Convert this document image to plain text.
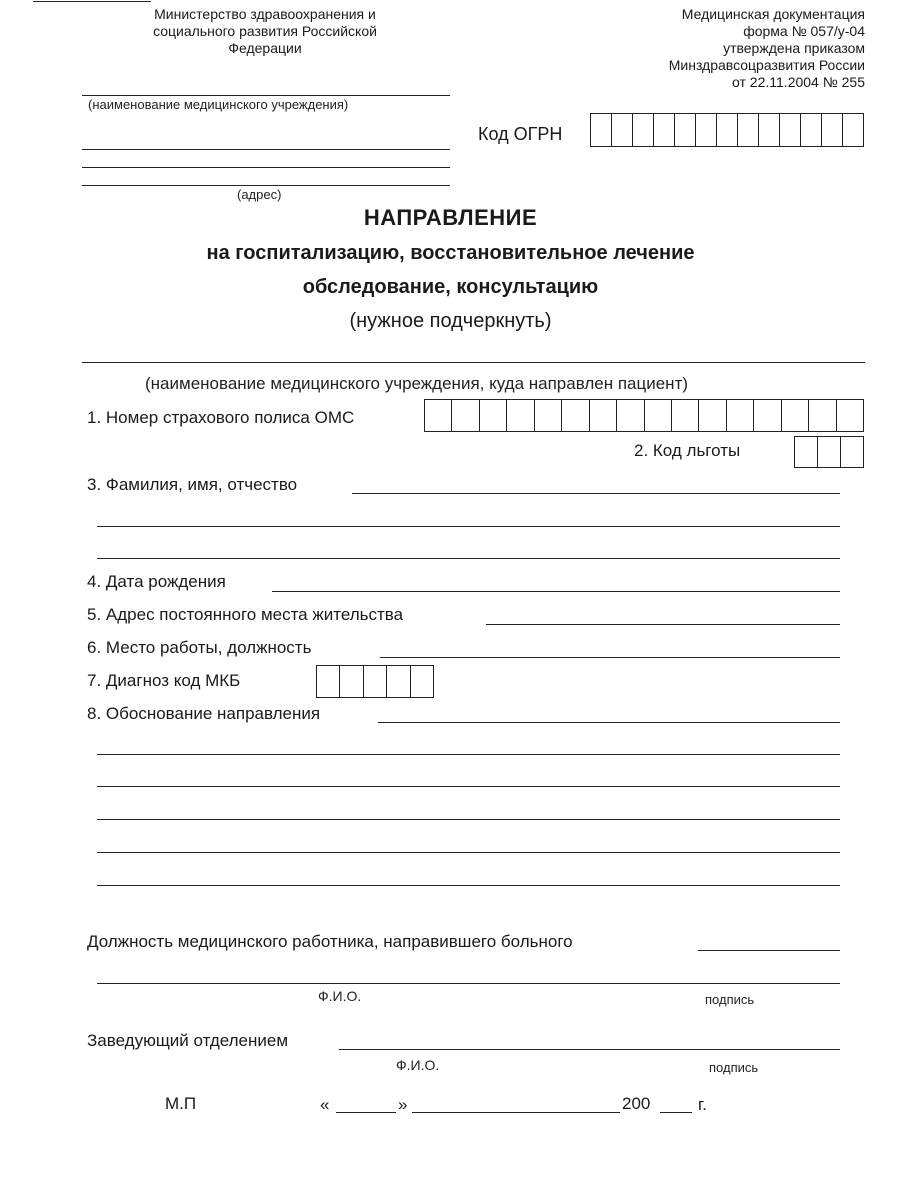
Министерство здравоохранения и
социального развития Российской
Федерации
Медицинская документация
форма № 057/у-04
утверждена приказом
Минздравсоцразвития России
от 22.11.2004 № 255
(наименование медицинского учреждения)
(адрес)
Код ОГРН
НАПРАВЛЕНИЕ
на госпитализацию, восстановительное лечение
обследование, консультацию
(нужное подчеркнуть)
(наименование медицинского учреждения, куда направлен пациент)
1. Номер страхового полиса ОМС
2. Код льготы
3. Фамилия, имя, отчество
4. Дата рождения
5. Адрес постоянного места жительства
6. Место работы, должность
7. Диагноз код МКБ
8. Обоснование направления
Должность медицинского работника, направившего больного
Ф.И.О.	подпись
Заведующий отделением
Ф.И.О.	подпись
М.П	«	»	200	г.
